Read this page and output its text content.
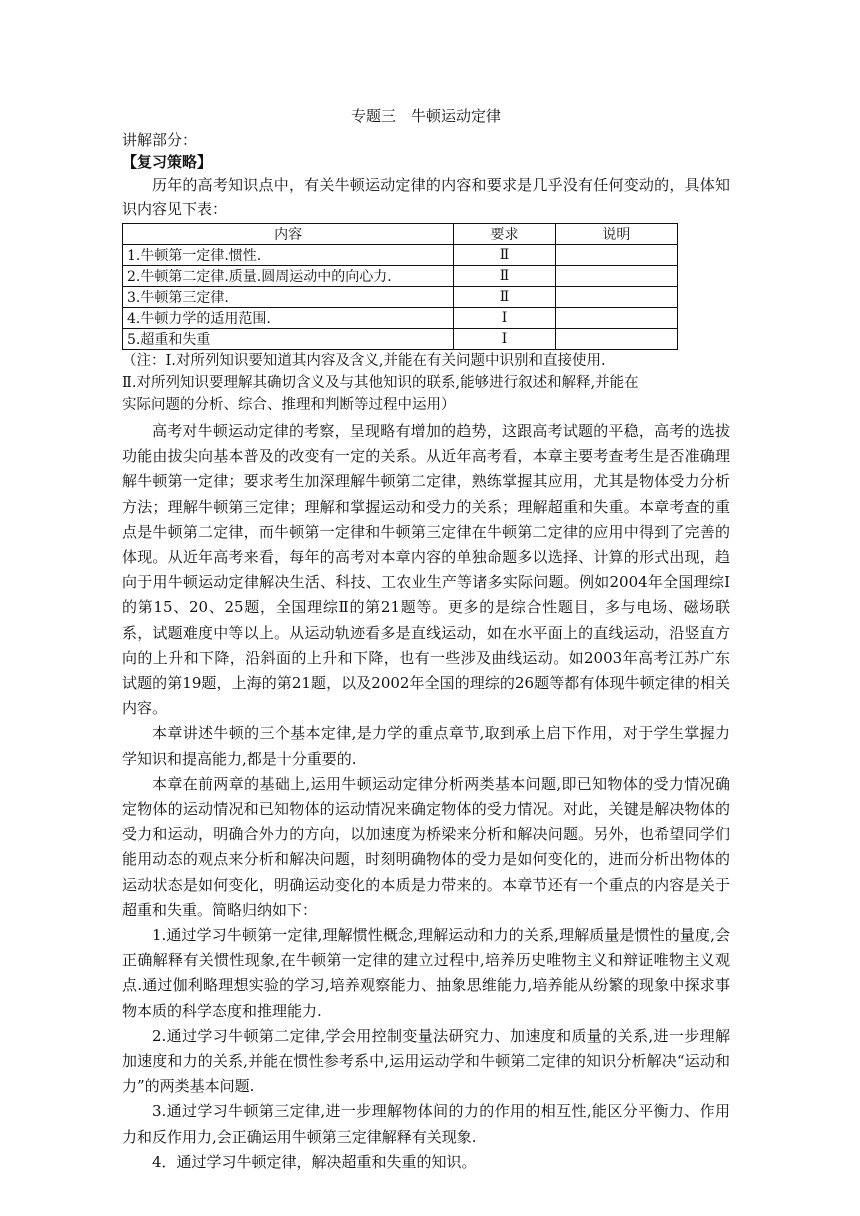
专题三　牛顿运动定律

讲解部分：

【复习策略】

历年的高考知识点中，有关牛顿运动定律的内容和要求是几乎没有任何变动的，具体知识内容见下表：

内容	要求	说明
1.牛顿第一定律.惯性.	Ⅱ	
2.牛顿第二定律.质量.圆周运动中的向心力.	Ⅱ	
3.牛顿第三定律.	Ⅱ	
4.牛顿力学的适用范围.	Ⅰ	
5.超重和失重	Ⅰ	

（注：Ⅰ.对所列知识要知道其内容及含义,并能在有关问题中识别和直接使用.

Ⅱ.对所列知识要理解其确切含义及与其他知识的联系,能够进行叙述和解释,并能在

实际问题的分析、综合、推理和判断等过程中运用）

高考对牛顿运动定律的考察，呈现略有增加的趋势，这跟高考试题的平稳，高考的选拔功能由拔尖向基本普及的改变有一定的关系。从近年高考看，本章主要考查考生是否准确理解牛顿第一定律；要求考生加深理解牛顿第二定律，熟练掌握其应用，尤其是物体受力分析方法；理解牛顿第三定律；理解和掌握运动和受力的关系；理解超重和失重。本章考查的重点是牛顿第二定律，而牛顿第一定律和牛顿第三定律在牛顿第二定律的应用中得到了完善的体现。从近年高考来看，每年的高考对本章内容的单独命题多以选择、计算的形式出现，趋向于用牛顿运动定律解决生活、科技、工农业生产等诸多实际问题。例如2004年全国理综Ⅰ的第15、20、25题，全国理综Ⅱ的第21题等。更多的是综合性题目，多与电场、磁场联系，试题难度中等以上。从运动轨迹看多是直线运动，如在水平面上的直线运动，沿竖直方向的上升和下降，沿斜面的上升和下降，也有一些涉及曲线运动。如2003年高考江苏广东试题的第19题，上海的第21题，以及2002年全国的理综的26题等都有体现牛顿定律的相关内容。

本章讲述牛顿的三个基本定律,是力学的重点章节,取到承上启下作用，对于学生掌握力学知识和提高能力,都是十分重要的.

本章在前两章的基础上,运用牛顿运动定律分析两类基本问题,即已知物体的受力情况确定物体的运动情况和已知物体的运动情况来确定物体的受力情况。对此，关键是解决物体的受力和运动，明确合外力的方向，以加速度为桥梁来分析和解决问题。另外，也希望同学们能用动态的观点来分析和解决问题，时刻明确物体的受力是如何变化的，进而分析出物体的运动状态是如何变化，明确运动变化的本质是力带来的。本章节还有一个重点的内容是关于超重和失重。简略归纳如下：

1.通过学习牛顿第一定律,理解惯性概念,理解运动和力的关系,理解质量是惯性的量度,会正确解释有关惯性现象,在牛顿第一定律的建立过程中,培养历史唯物主义和辩证唯物主义观点.通过伽利略理想实验的学习,培养观察能力、抽象思维能力,培养能从纷繁的现象中探求事物本质的科学态度和推理能力.

2.通过学习牛顿第二定律,学会用控制变量法研究力、加速度和质量的关系,进一步理解加速度和力的关系,并能在惯性参考系中,运用运动学和牛顿第二定律的知识分析解决“运动和力”的两类基本问题.

3.通过学习牛顿第三定律,进一步理解物体间的力的作用的相互性,能区分平衡力、作用力和反作用力,会正确运用牛顿第三定律解释有关现象.

4．通过学习牛顿定律，解决超重和失重的知识。
